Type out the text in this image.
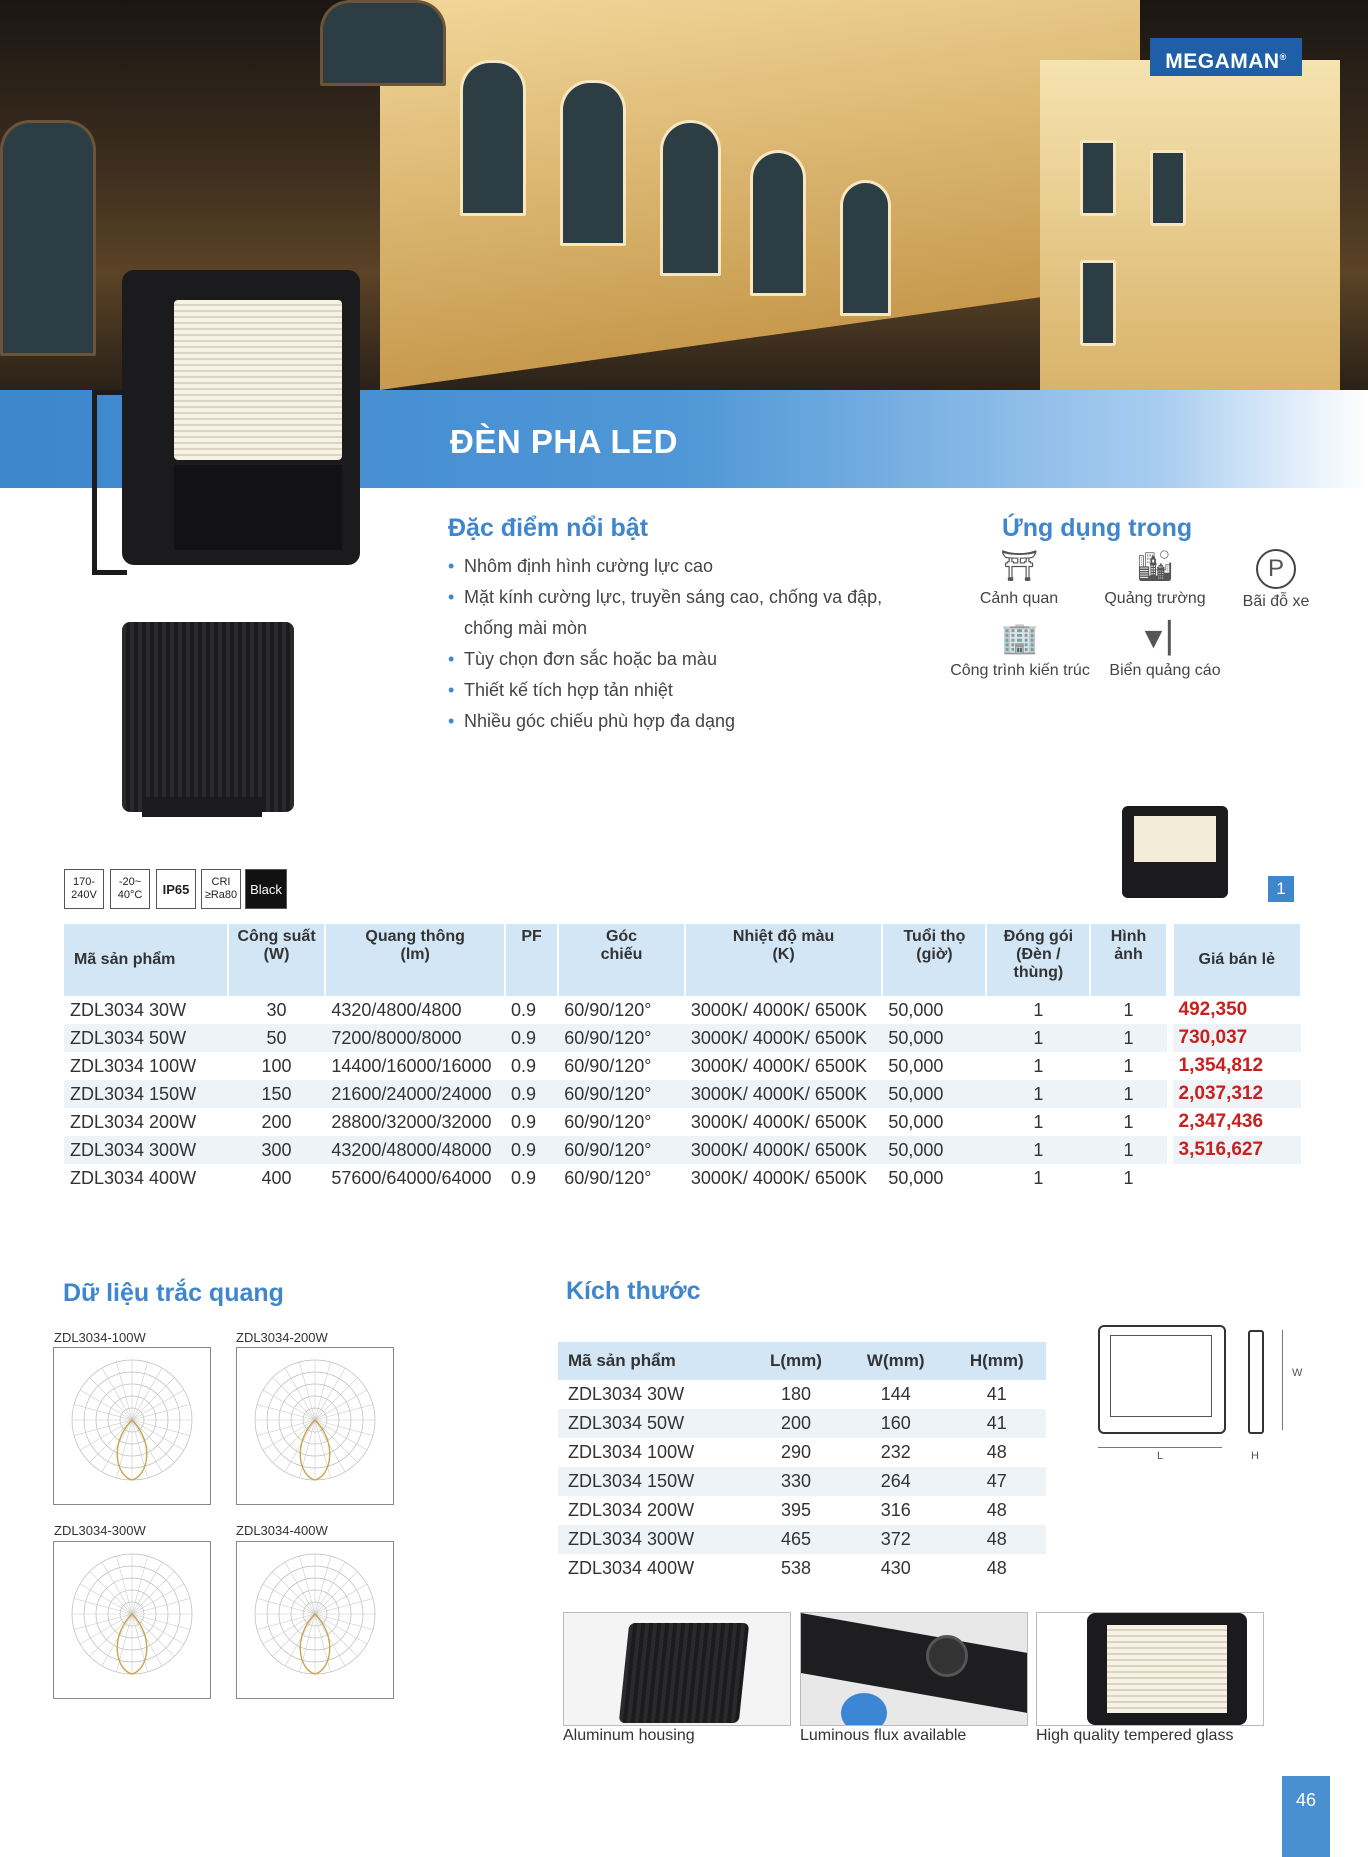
MEGAMAN®
ĐÈN PHA LED
Đặc điểm nổi bật
• Nhôm định hình cường lực cao
• Mặt kính cường lực, truyền sáng cao, chống va đập,
chống mài mòn
• Tùy chọn đơn sắc hoặc ba màu
• Thiết kế tích hợp tản nhiệt
• Nhiều góc chiếu phù hợp đa dạng
Ứng dụng trong
⛩
Cảnh quan
🏙
Quảng trường
P
Bãi đỗ xe
🏢
Công trình kiến trúc
▼▏
Biển quảng cáo
170-
240V
-20~
40°C IP65	CRI
≥Ra80 Black	1
Mã sản phẩm	Công suất
(W)	Quang thông
(lm)	PF	Góc
chiếu	Nhiệt độ màu
(K)	Tuổi thọ
(giờ)	Đóng gói
(Đèn /
thùng)	Hình
ảnh		Giá bán lẻ
ZDL3034 30W	30	4320/4800/4800	0.9	60/90/120°	3000K/ 4000K/ 6500K	50,000	1	1		492,350
ZDL3034 50W	50	7200/8000/8000	0.9	60/90/120°	3000K/ 4000K/ 6500K	50,000	1	1		730,037
ZDL3034 100W	100	14400/16000/16000	0.9	60/90/120°	3000K/ 4000K/ 6500K	50,000	1	1		1,354,812
ZDL3034 150W	150	21600/24000/24000	0.9	60/90/120°	3000K/ 4000K/ 6500K	50,000	1	1		2,037,312
ZDL3034 200W	200	28800/32000/32000	0.9	60/90/120°	3000K/ 4000K/ 6500K	50,000	1	1		2,347,436
ZDL3034 300W	300	43200/48000/48000	0.9	60/90/120°	3000K/ 4000K/ 6500K	50,000	1	1		3,516,627
ZDL3034 400W	400	57600/64000/64000	0.9	60/90/120°	3000K/ 4000K/ 6500K	50,000	1	1		
Dữ liệu trắc quang
ZDL3034-100W	ZDL3034-200W
ZDL3034-300W	ZDL3034-400W
Kích thước
Mã sản phẩm	L(mm)	W(mm)	H(mm)
ZDL3034 30W	180	144	41
ZDL3034 50W	200	160	41
ZDL3034 100W	290	232	48
ZDL3034 150W	330	264	47
ZDL3034 200W	395	316	48
ZDL3034 300W	465	372	48
ZDL3034 400W	538	430	48
W
L	H
Aluminum housing	Luminous flux available	High quality tempered glass
46
